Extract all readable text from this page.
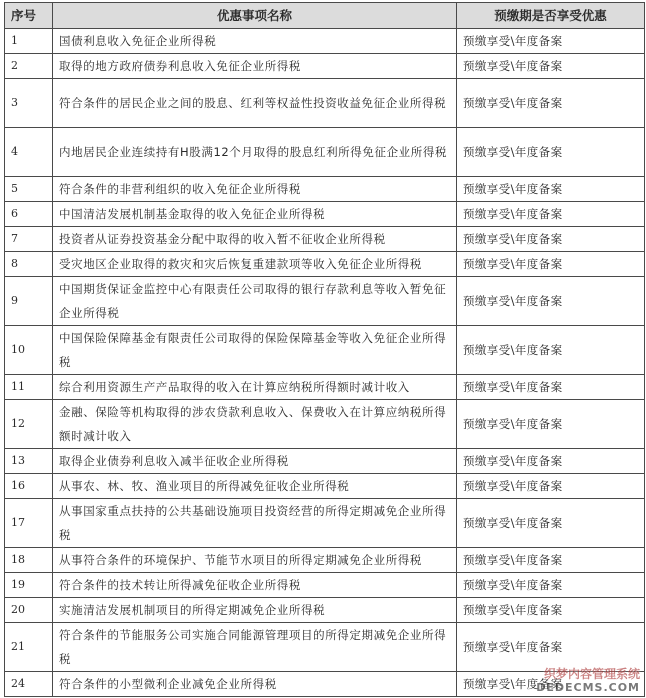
序号	优惠事项名称	预缴期是否享受优惠
1	国债利息收入免征企业所得税	预缴享受\年度备案
2	取得的地方政府债券利息收入免征企业所得税	预缴享受\年度备案
3	符合条件的居民企业之间的股息、红利等权益性投资收益免征企业所得税	预缴享受\年度备案
4	内地居民企业连续持有H股满12个月取得的股息红利所得免征企业所得税	预缴享受\年度备案
5	符合条件的非营利组织的收入免征企业所得税	预缴享受\年度备案
6	中国清洁发展机制基金取得的收入免征企业所得税	预缴享受\年度备案
7	投资者从证券投资基金分配中取得的收入暂不征收企业所得税	预缴享受\年度备案
8	受灾地区企业取得的救灾和灾后恢复重建款项等收入免征企业所得税	预缴享受\年度备案
9	中国期货保证金监控中心有限责任公司取得的银行存款利息等收入暂免征企业所得税	预缴享受\年度备案
10	中国保险保障基金有限责任公司取得的保险保障基金等收入免征企业所得税	预缴享受\年度备案
11	综合利用资源生产产品取得的收入在计算应纳税所得额时减计收入	预缴享受\年度备案
12	金融、保险等机构取得的涉农贷款利息收入、保费收入在计算应纳税所得额时减计收入	预缴享受\年度备案
13	取得企业债券利息收入减半征收企业所得税	预缴享受\年度备案
16	从事农、林、牧、渔业项目的所得减免征收企业所得税	预缴享受\年度备案
17	从事国家重点扶持的公共基础设施项目投资经营的所得定期减免企业所得税	预缴享受\年度备案
18	从事符合条件的环境保护、节能节水项目的所得定期减免企业所得税	预缴享受\年度备案
19	符合条件的技术转让所得减免征收企业所得税	预缴享受\年度备案
20	实施清洁发展机制项目的所得定期减免企业所得税	预缴享受\年度备案
21	符合条件的节能服务公司实施合同能源管理项目的所得定期减免企业所得税	预缴享受\年度备案
24	符合条件的小型微利企业减免企业所得税	预缴享受\年度备案
织梦内容管理系统
DEDECMS.COM
